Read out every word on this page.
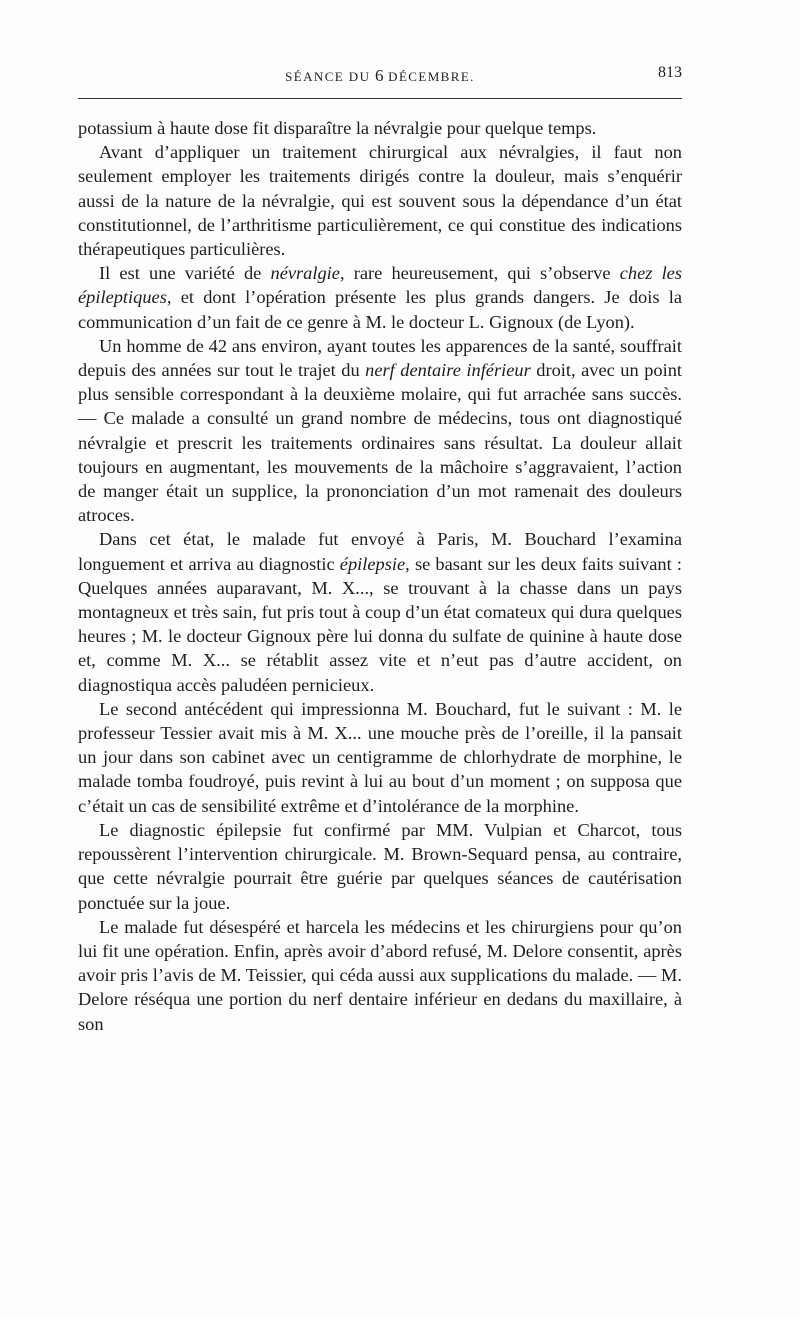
SÉANCE DU 6 DÉCEMBRE.	813

potassium à haute dose fit disparaître la névralgie pour quelque temps.

Avant d’appliquer un traitement chirurgical aux névralgies, il faut non seulement employer les traitements dirigés contre la douleur, mais s’enquérir aussi de la nature de la névralgie, qui est souvent sous la dépendance d’un état constitutionnel, de l’arthritisme particulièrement, ce qui constitue des indications thérapeutiques particulières.

Il est une variété de névralgie, rare heureusement, qui s’observe chez les épileptiques, et dont l’opération présente les plus grands dangers. Je dois la communication d’un fait de ce genre à M. le docteur L. Gignoux (de Lyon).

Un homme de 42 ans environ, ayant toutes les apparences de la santé, souffrait depuis des années sur tout le trajet du nerf dentaire inférieur droit, avec un point plus sensible correspondant à la deuxième molaire, qui fut arrachée sans succès. — Ce malade a consulté un grand nombre de médecins, tous ont diagnostiqué névralgie et prescrit les traitements ordinaires sans résultat. La douleur allait toujours en augmentant, les mouvements de la mâchoire s’aggravaient, l’action de manger était un supplice, la prononciation d’un mot ramenait des douleurs atroces.

Dans cet état, le malade fut envoyé à Paris, M. Bouchard l’examina longuement et arriva au diagnostic épilepsie, se basant sur les deux faits suivant : Quelques années auparavant, M. X..., se trouvant à la chasse dans un pays montagneux et très sain, fut pris tout à coup d’un état comateux qui dura quelques heures ; M. le docteur Gignoux père lui donna du sulfate de quinine à haute dose et, comme M. X... se rétablit assez vite et n’eut pas d’autre accident, on diagnostiqua accès paludéen pernicieux.

Le second antécédent qui impressionna M. Bouchard, fut le suivant : M. le professeur Tessier avait mis à M. X... une mouche près de l’oreille, il la pansait un jour dans son cabinet avec un centigramme de chlorhydrate de morphine, le malade tomba foudroyé, puis revint à lui au bout d’un moment ; on supposa que c’était un cas de sensibilité extrême et d’intolérance de la morphine.

Le diagnostic épilepsie fut confirmé par MM. Vulpian et Charcot, tous repoussèrent l’intervention chirurgicale. M. Brown-Sequard pensa, au contraire, que cette névralgie pourrait être guérie par quelques séances de cautérisation ponctuée sur la joue.

Le malade fut désespéré et harcela les médecins et les chirurgiens pour qu’on lui fit une opération. Enfin, après avoir d’abord refusé, M. Delore consentit, après avoir pris l’avis de M. Teissier, qui céda aussi aux supplications du malade. — M. Delore réséqua une portion du nerf dentaire inférieur en dedans du maxillaire, à son
